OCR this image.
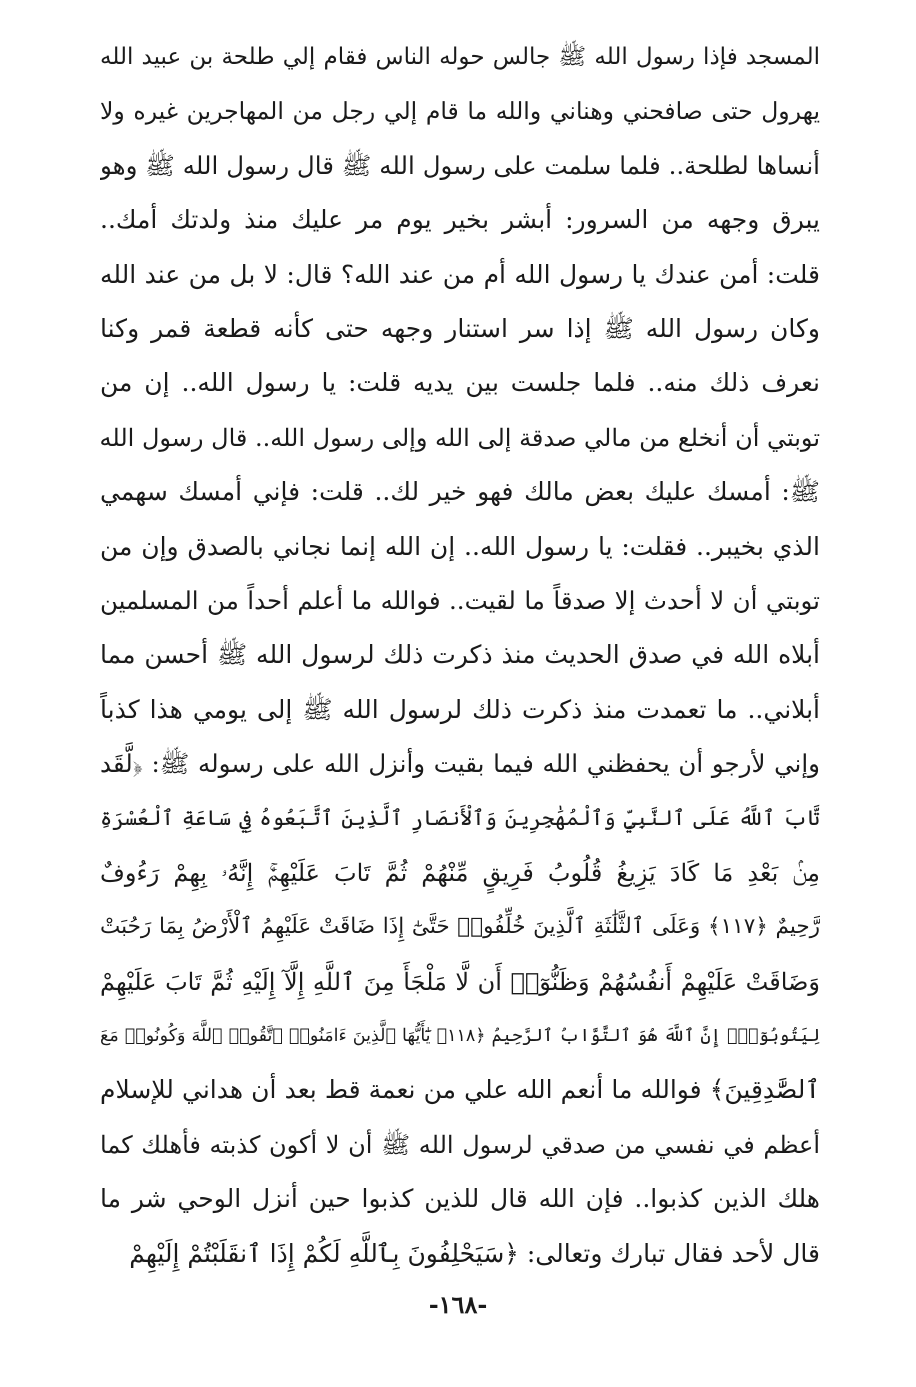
المسجد فإذا رسول الله ﷺ جالس حوله الناس فقام إلي طلحة بن عبيد الله
يهرول حتى صافحني وهناني والله ما قام إلي رجل من المهاجرين غيره ولا
أنساها لطلحة.. فلما سلمت على رسول الله ﷺ قال رسول الله ﷺ وهو
يبرق وجهه من السرور: أبشر بخير يوم مر عليك منذ ولدتك أمك..
قلت: أمن عندك يا رسول الله أم من عند الله؟ قال: لا بل من عند الله
وكان رسول الله ﷺ إذا سر استنار وجهه حتى كأنه قطعة قمر وكنا
نعرف ذلك منه.. فلما جلست بين يديه قلت: يا رسول الله.. إن من
توبتي أن أنخلع من مالي صدقة إلى الله وإلى رسول الله.. قال رسول الله
ﷺ: أمسك عليك بعض مالك فهو خير لك.. قلت: فإني أمسك سهمي
الذي بخيبر.. فقلت: يا رسول الله.. إن الله إنما نجاني بالصدق وإن من
توبتي أن لا أحدث إلا صدقاً ما لقيت.. فوالله ما أعلم أحداً من المسلمين
أبلاه الله في صدق الحديث منذ ذكرت ذلك لرسول الله ﷺ أحسن مما
أبلاني.. ما تعمدت منذ ذكرت ذلك لرسول الله ﷺ إلى يومي هذا كذباً
وإني لأرجو أن يحفظني الله فيما بقيت وأنزل الله على رسوله ﷺ: ﴿لَّقَد
تَّابَ ٱللَّهُ عَلَى ٱلنَّبِيِّ وَٱلْمُهَٰجِرِينَ وَٱلْأَنصَارِ ٱلَّذِينَ ٱتَّبَعُوهُ فِي سَاعَةِ ٱلْعُسْرَةِ
مِنۢ بَعْدِ مَا كَادَ يَزِيغُ قُلُوبُ فَرِيقٍ مِّنْهُمْ ثُمَّ تَابَ عَلَيْهِمْۚ إِنَّهُۥ بِهِمْ رَءُوفٌ
رَّحِيمٌ ﴿١١٧﴾ وَعَلَى ٱلثَّلَٰثَةِ ٱلَّذِينَ خُلِّفُوا۟ حَتَّىٰٓ إِذَا ضَاقَتْ عَلَيْهِمُ ٱلْأَرْضُ بِمَا رَحُبَتْ
وَضَاقَتْ عَلَيْهِمْ أَنفُسُهُمْ وَظَنُّوٓا۟ أَن لَّا مَلْجَأَ مِنَ ٱللَّهِ إِلَّآ إِلَيْهِ ثُمَّ تَابَ عَلَيْهِمْ
لِيَتُوبُوٓا۟ۚ إِنَّ ٱللَّهَ هُوَ ٱلتَّوَّابُ ٱلرَّحِيمُ ﴿١١٨﴾ يَٰٓأَيُّهَا ٱلَّذِينَ ءَامَنُوا۟ ٱتَّقُوا۟ ٱللَّهَ وَكُونُوا۟ مَعَ
ٱلصَّٰدِقِينَ﴾ فوالله ما أنعم الله علي من نعمة قط بعد أن هداني للإسلام
أعظم في نفسي من صدقي لرسول الله ﷺ أن لا أكون كذبته فأهلك كما
هلك الذين كذبوا.. فإن الله قال للذين كذبوا حين أنزل الوحي شر ما
قال لأحد فقال تبارك وتعالى: ﴿سَيَحْلِفُونَ بِٱللَّهِ لَكُمْ إِذَا ٱنقَلَبْتُمْ إِلَيْهِمْ
-١٦٨-
